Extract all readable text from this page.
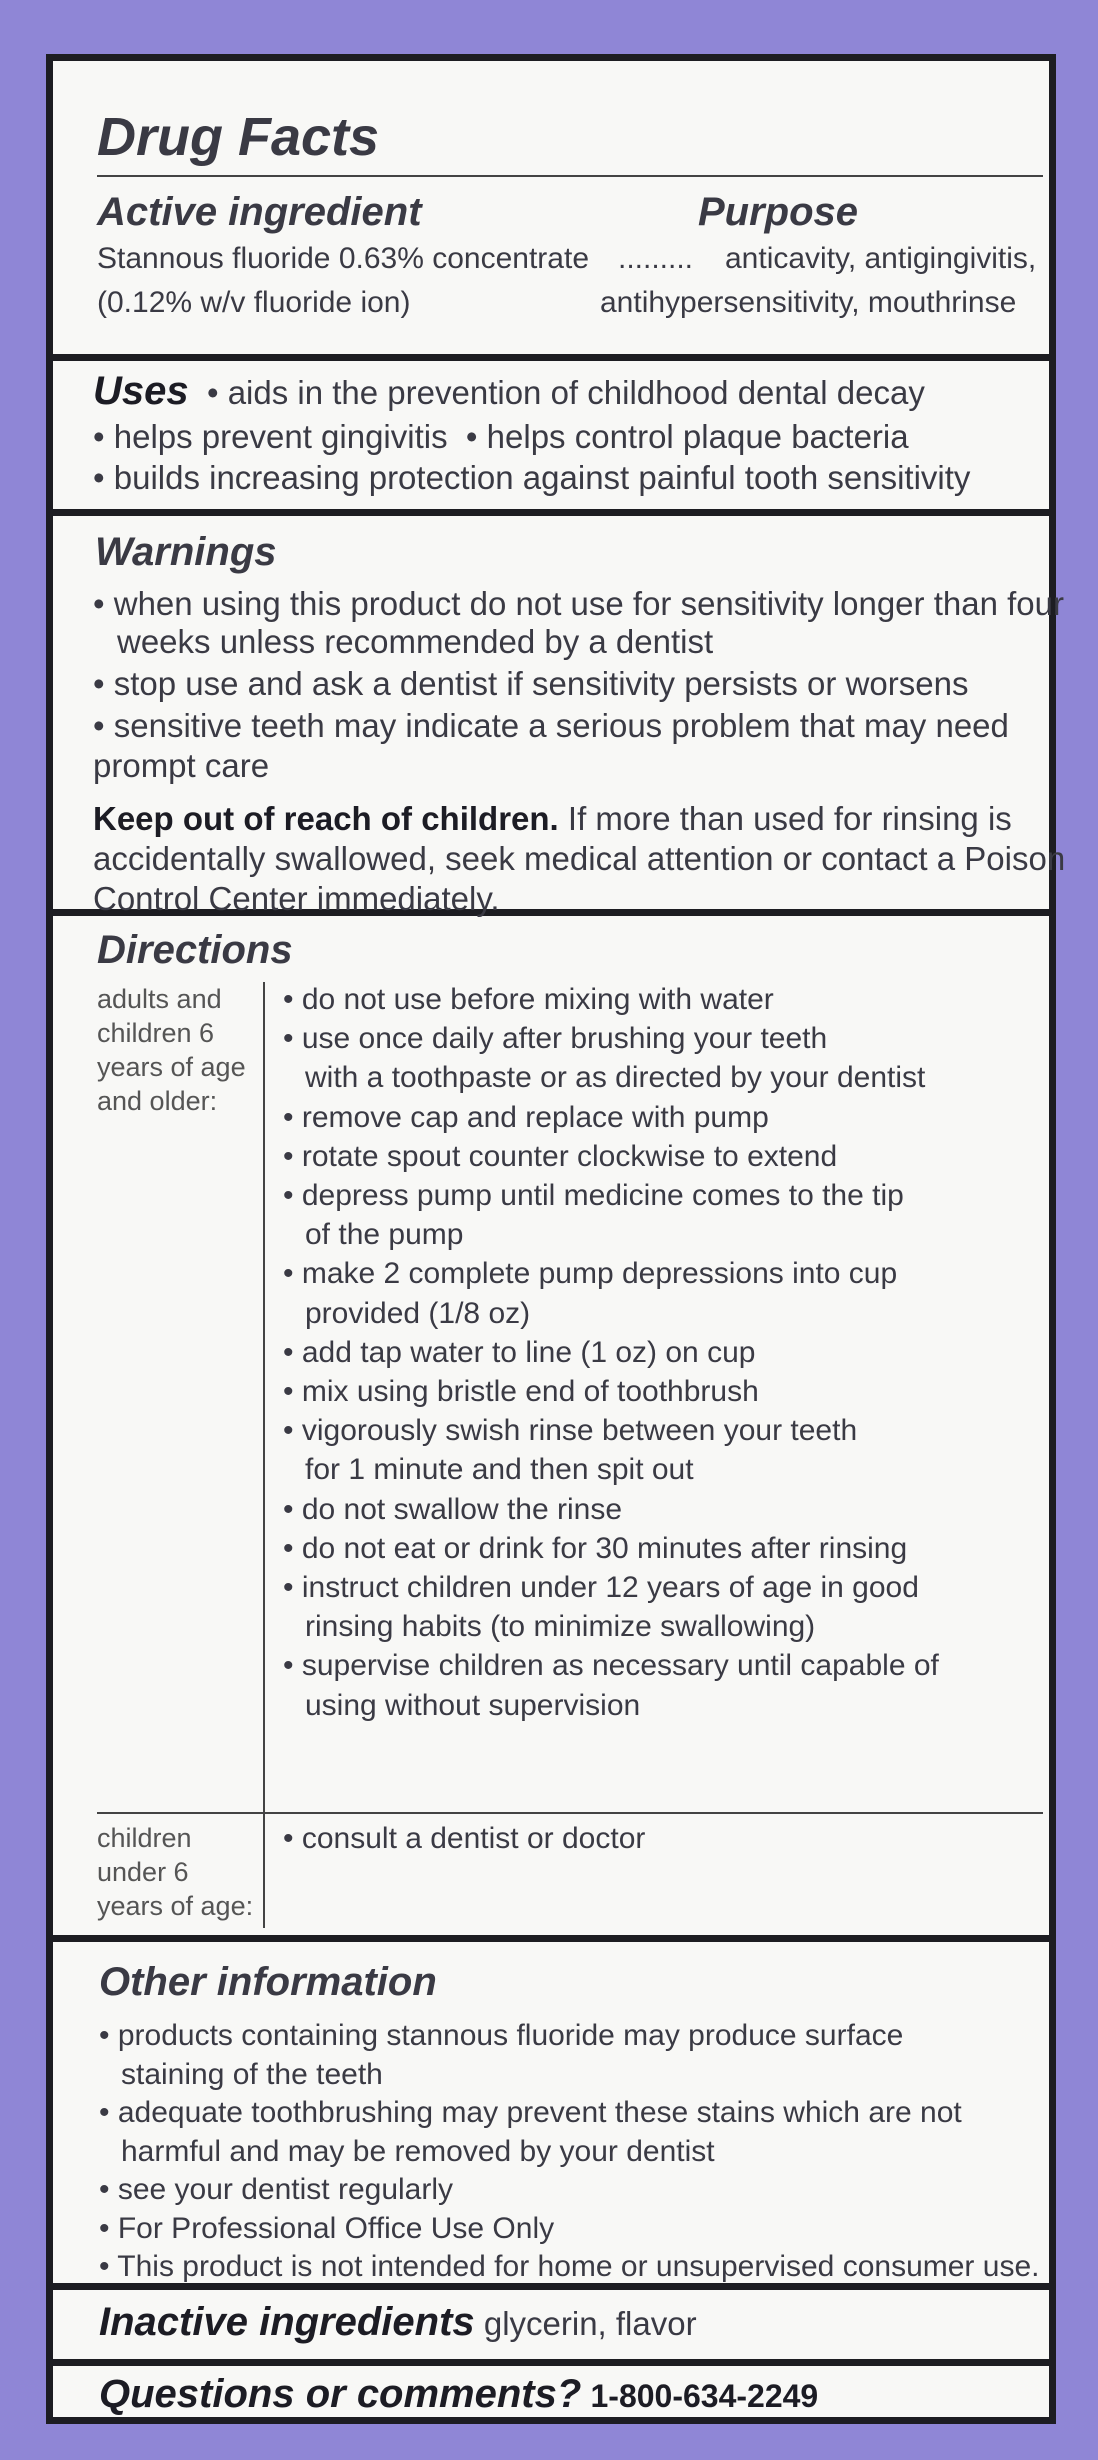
Drug Facts
Active ingredient	Purpose
Stannous fluoride 0.63% concentrate ......... anticavity, antigingivitis,
(0.12% w/v fluoride ion)	antihypersensitivity, mouthrinse
Uses  • aids in the prevention of childhood dental decay
• helps prevent gingivitis  • helps control plaque bacteria
• builds increasing protection against painful tooth sensitivity
Warnings
• when using this product do not use for sensitivity longer than four
weeks unless recommended by a dentist
• stop use and ask a dentist if sensitivity persists or worsens
• sensitive teeth may indicate a serious problem that may need
prompt care
Keep out of reach of children. If more than used for rinsing is
accidentally swallowed, seek medical attention or contact a Poison
Control Center immediately.
Directions
adults and
children 6
years of age
and older:
• do not use before mixing with water
• use once daily after brushing your teeth
with a toothpaste or as directed by your dentist
• remove cap and replace with pump
• rotate spout counter clockwise to extend
• depress pump until medicine comes to the tip
of the pump
• make 2 complete pump depressions into cup
provided (1/8 oz)
• add tap water to line (1 oz) on cup
• mix using bristle end of toothbrush
• vigorously swish rinse between your teeth
for 1 minute and then spit out
• do not swallow the rinse
• do not eat or drink for 30 minutes after rinsing
• instruct children under 12 years of age in good
rinsing habits (to minimize swallowing)
• supervise children as necessary until capable of
using without supervision
children
under 6
years of age:
• consult a dentist or doctor
Other information
• products containing stannous fluoride may produce surface
staining of the teeth
• adequate toothbrushing may prevent these stains which are not
harmful and may be removed by your dentist
• see your dentist regularly
• For Professional Office Use Only
• This product is not intended for home or unsupervised consumer use.
Inactive ingredients glycerin, flavor
Questions or comments? 1-800-634-2249
